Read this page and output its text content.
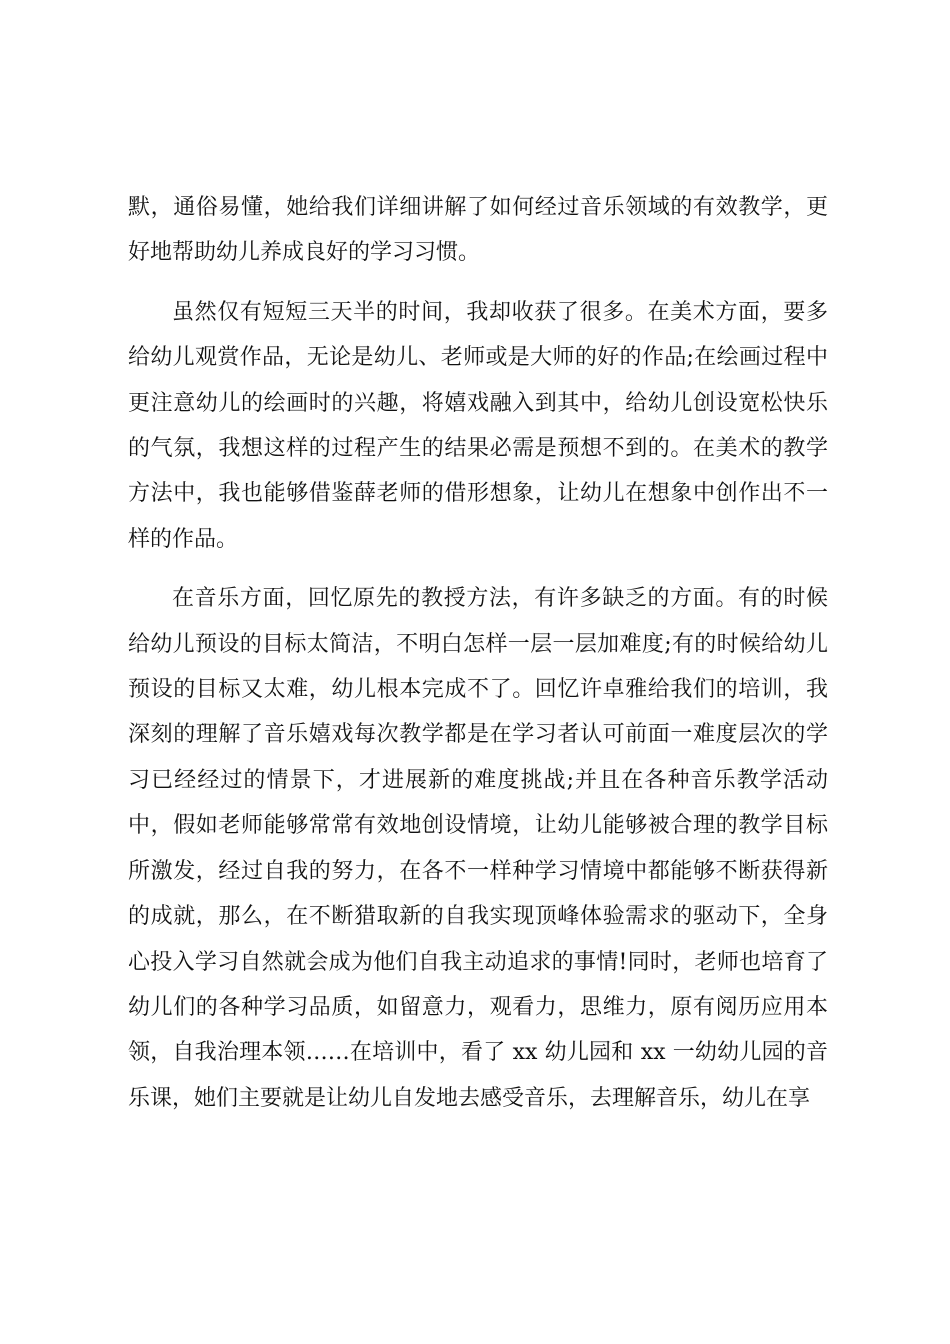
默，通俗易懂，她给我们详细讲解了如何经过音乐领域的有效教学，更好地帮助幼儿养成良好的学习习惯。

虽然仅有短短三天半的时间，我却收获了很多。在美术方面，要多给幼儿观赏作品，无论是幼儿、老师或是大师的好的作品;在绘画过程中更注意幼儿的绘画时的兴趣，将嬉戏融入到其中，给幼儿创设宽松快乐的气氛，我想这样的过程产生的结果必需是预想不到的。在美术的教学方法中，我也能够借鉴薛老师的借形想象，让幼儿在想象中创作出不一样的作品。

在音乐方面，回忆原先的教授方法，有许多缺乏的方面。有的时候给幼儿预设的目标太简洁，不明白怎样一层一层加难度;有的时候给幼儿预设的目标又太难，幼儿根本完成不了。回忆许卓雅给我们的培训，我深刻的理解了音乐嬉戏每次教学都是在学习者认可前面一难度层次的学习已经经过的情景下，才进展新的难度挑战;并且在各种音乐教学活动中，假如老师能够常常有效地创设情境，让幼儿能够被合理的教学目标所激发，经过自我的努力，在各不一样种学习情境中都能够不断获得新的成就，那么，在不断猎取新的自我实现顶峰体验需求的驱动下，全身心投入学习自然就会成为他们自我主动追求的事情!同时，老师也培育了幼儿们的各种学习品质，如留意力，观看力，思维力，原有阅历应用本领，自我治理本领……在培训中，看了 xx 幼儿园和 xx 一幼幼儿园的音乐课，她们主要就是让幼儿自发地去感受音乐，去理解音乐，幼儿在享
